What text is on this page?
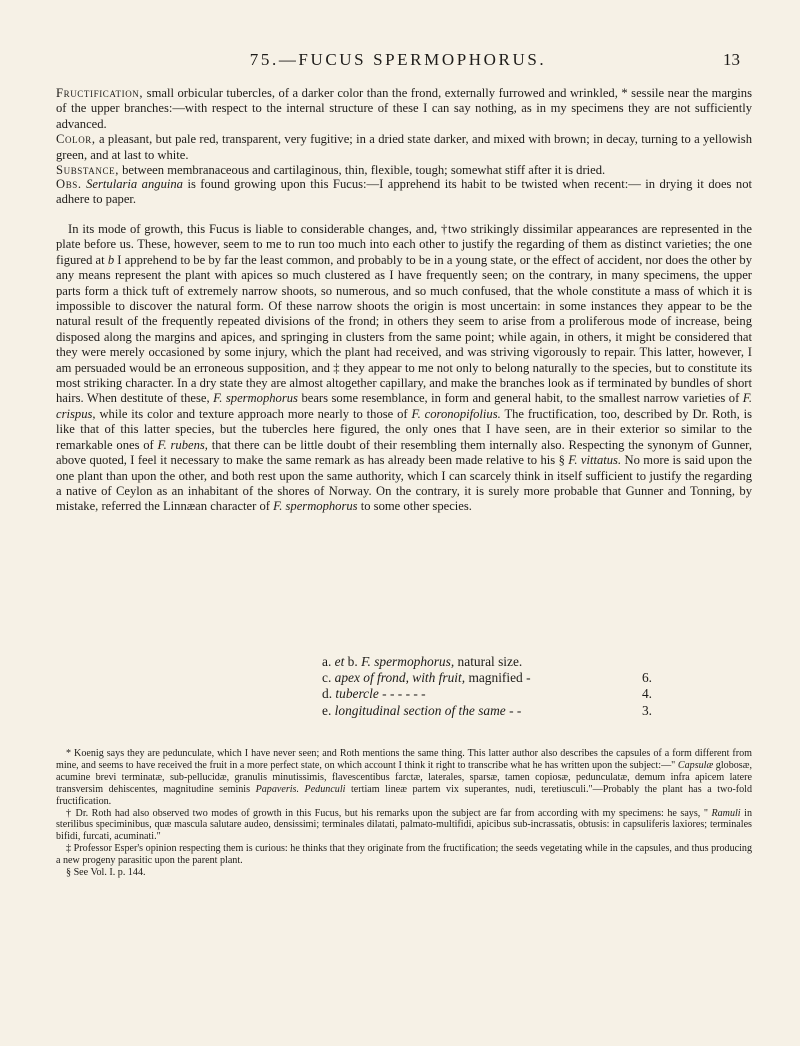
75.—FUCUS SPERMOPHORUS.	13

Fructification, small orbicular tubercles, of a darker color than the frond, externally furrowed and wrinkled, * sessile near the margins of the upper branches:—with respect to the internal structure of these I can say nothing, as in my specimens they are not sufficiently advanced.

Color, a pleasant, but pale red, transparent, very fugitive; in a dried state darker, and mixed with brown; in decay, turning to a yellowish green, and at last to white.

Substance, between membranaceous and cartilaginous, thin, flexible, tough; somewhat stiff after it is dried.

Obs. Sertularia anguina is found growing upon this Fucus:—I apprehend its habit to be twisted when recent:— in drying it does not adhere to paper.

In its mode of growth, this Fucus is liable to considerable changes, and, †two strikingly dissimilar appearances are represented in the plate before us. These, however, seem to me to run too much into each other to justify the regarding of them as distinct varieties; the one figured at b I apprehend to be by far the least common, and probably to be in a young state, or the effect of accident, nor does the other by any means represent the plant with apices so much clustered as I have frequently seen; on the contrary, in many specimens, the upper parts form a thick tuft of extremely narrow shoots, so numerous, and so much confused, that the whole constitute a mass of which it is impossible to discover the natural form. Of these narrow shoots the origin is most uncertain: in some instances they appear to be the natural result of the frequently repeated divisions of the frond; in others they seem to arise from a proliferous mode of increase, being disposed along the margins and apices, and springing in clusters from the same point; while again, in others, it might be considered that they were merely occasioned by some injury, which the plant had received, and was striving vigorously to repair. This latter, however, I am persuaded would be an erroneous supposition, and ‡ they appear to me not only to belong naturally to the species, but to constitute its most striking character. In a dry state they are almost altogether capillary, and make the branches look as if terminated by bundles of short hairs. When destitute of these, F. spermophorus bears some resemblance, in form and general habit, to the smallest narrow varieties of F. crispus, while its color and texture approach more nearly to those of F. coronopifolius. The fructification, too, described by Dr. Roth, is like that of this latter species, but the tubercles here figured, the only ones that I have seen, are in their exterior so similar to the remarkable ones of F. rubens, that there can be little doubt of their resembling them internally also. Respecting the synonym of Gunner, above quoted, I feel it necessary to make the same remark as has already been made relative to his § F. vittatus. No more is said upon the one plant than upon the other, and both rest upon the same authority, which I can scarcely think in itself sufficient to justify the regarding a native of Ceylon as an inhabitant of the shores of Norway. On the contrary, it is surely more probable that Gunner and Tonning, by mistake, referred the Linnæan character of F. spermophorus to some other species.

a. et b. F. spermophorus, natural size.
c. apex of frond, with fruit, magnified -	6.
d. tubercle - - - - - -	4.
e. longitudinal section of the same - -	3.

* Koenig says they are pedunculate, which I have never seen; and Roth mentions the same thing. This latter author also describes the capsules of a form different from mine, and seems to have received the fruit in a more perfect state, on which account I think it right to transcribe what he has written upon the subject:—" Capsulæ globosæ, acumine brevi terminatæ, sub-pellucidæ, granulis minutissimis, flavescentibus farctæ, laterales, sparsæ, tamen copiosæ, pedunculatæ, demum infra apicem latere transversim dehiscentes, magnitudine seminis Papaveris. Pedunculi tertiam lineæ partem vix superantes, nudi, teretiusculi."—Probably the plant has a two-fold fructification.

† Dr. Roth had also observed two modes of growth in this Fucus, but his remarks upon the subject are far from according with my specimens: he says, " Ramuli in sterilibus speciminibus, quæ mascula salutare audeo, densissimi; terminales dilatati, palmato-multifidi, apicibus sub-incrassatis, obtusis: in capsuliferis laxiores; terminales bifidi, furcati, acuminati."

‡ Professor Esper's opinion respecting them is curious: he thinks that they originate from the fructification; the seeds vegetating while in the capsules, and thus producing a new progeny parasitic upon the parent plant.

§ See Vol. I. p. 144.
